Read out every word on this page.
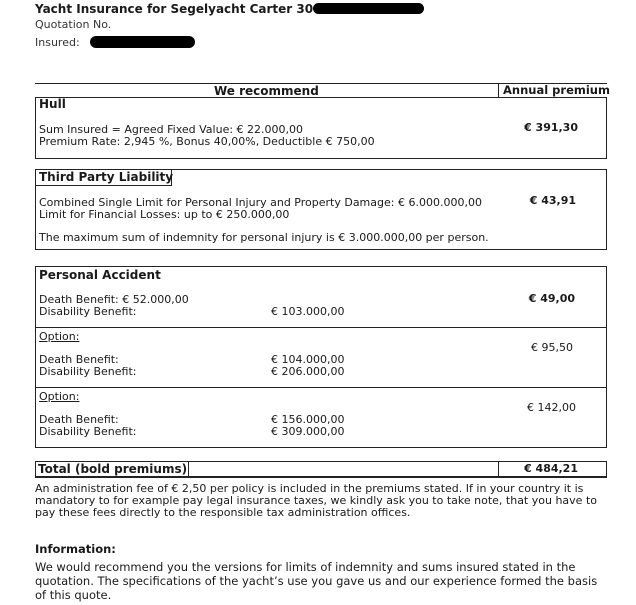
Yacht Insurance for Segelyacht Carter 30
Quotation No.
Insured:
We recommend	Annual premium
Hull
Sum Insured = Agreed Fixed Value: € 22.000,00
Premium Rate: 2,945 %, Bonus 40,00%, Deductible € 750,00
€ 391,30
Third Party Liability
Combined Single Limit for Personal Injury and Property Damage: € 6.000.000,00
Limit for Financial Losses: up to € 250.000,00
The maximum sum of indemnity for personal injury is € 3.000.000,00 per person.
€ 43,91
Personal Accident
Death Benefit: € 52.000,00
Disability Benefit:	€ 103.000,00
€ 49,00
Option:
Death Benefit:	€ 104.000,00
Disability Benefit:	€ 206.000,00
€ 95,50
Option:
Death Benefit:	€ 156.000,00
Disability Benefit:	€ 309.000,00
€ 142,00
Total (bold premiums)	€ 484,21
An administration fee of € 2,50 per policy is included in the premiums stated. If in your country it is mandatory to for example pay legal insurance taxes, we kindly ask you to take note, that you have to pay these fees directly to the responsible tax administration offices.
Information:
We would recommend you the versions for limits of indemnity and sums insured stated in the quotation. The specifications of the yacht’s use you gave us and our experience formed the basis of this quote.
